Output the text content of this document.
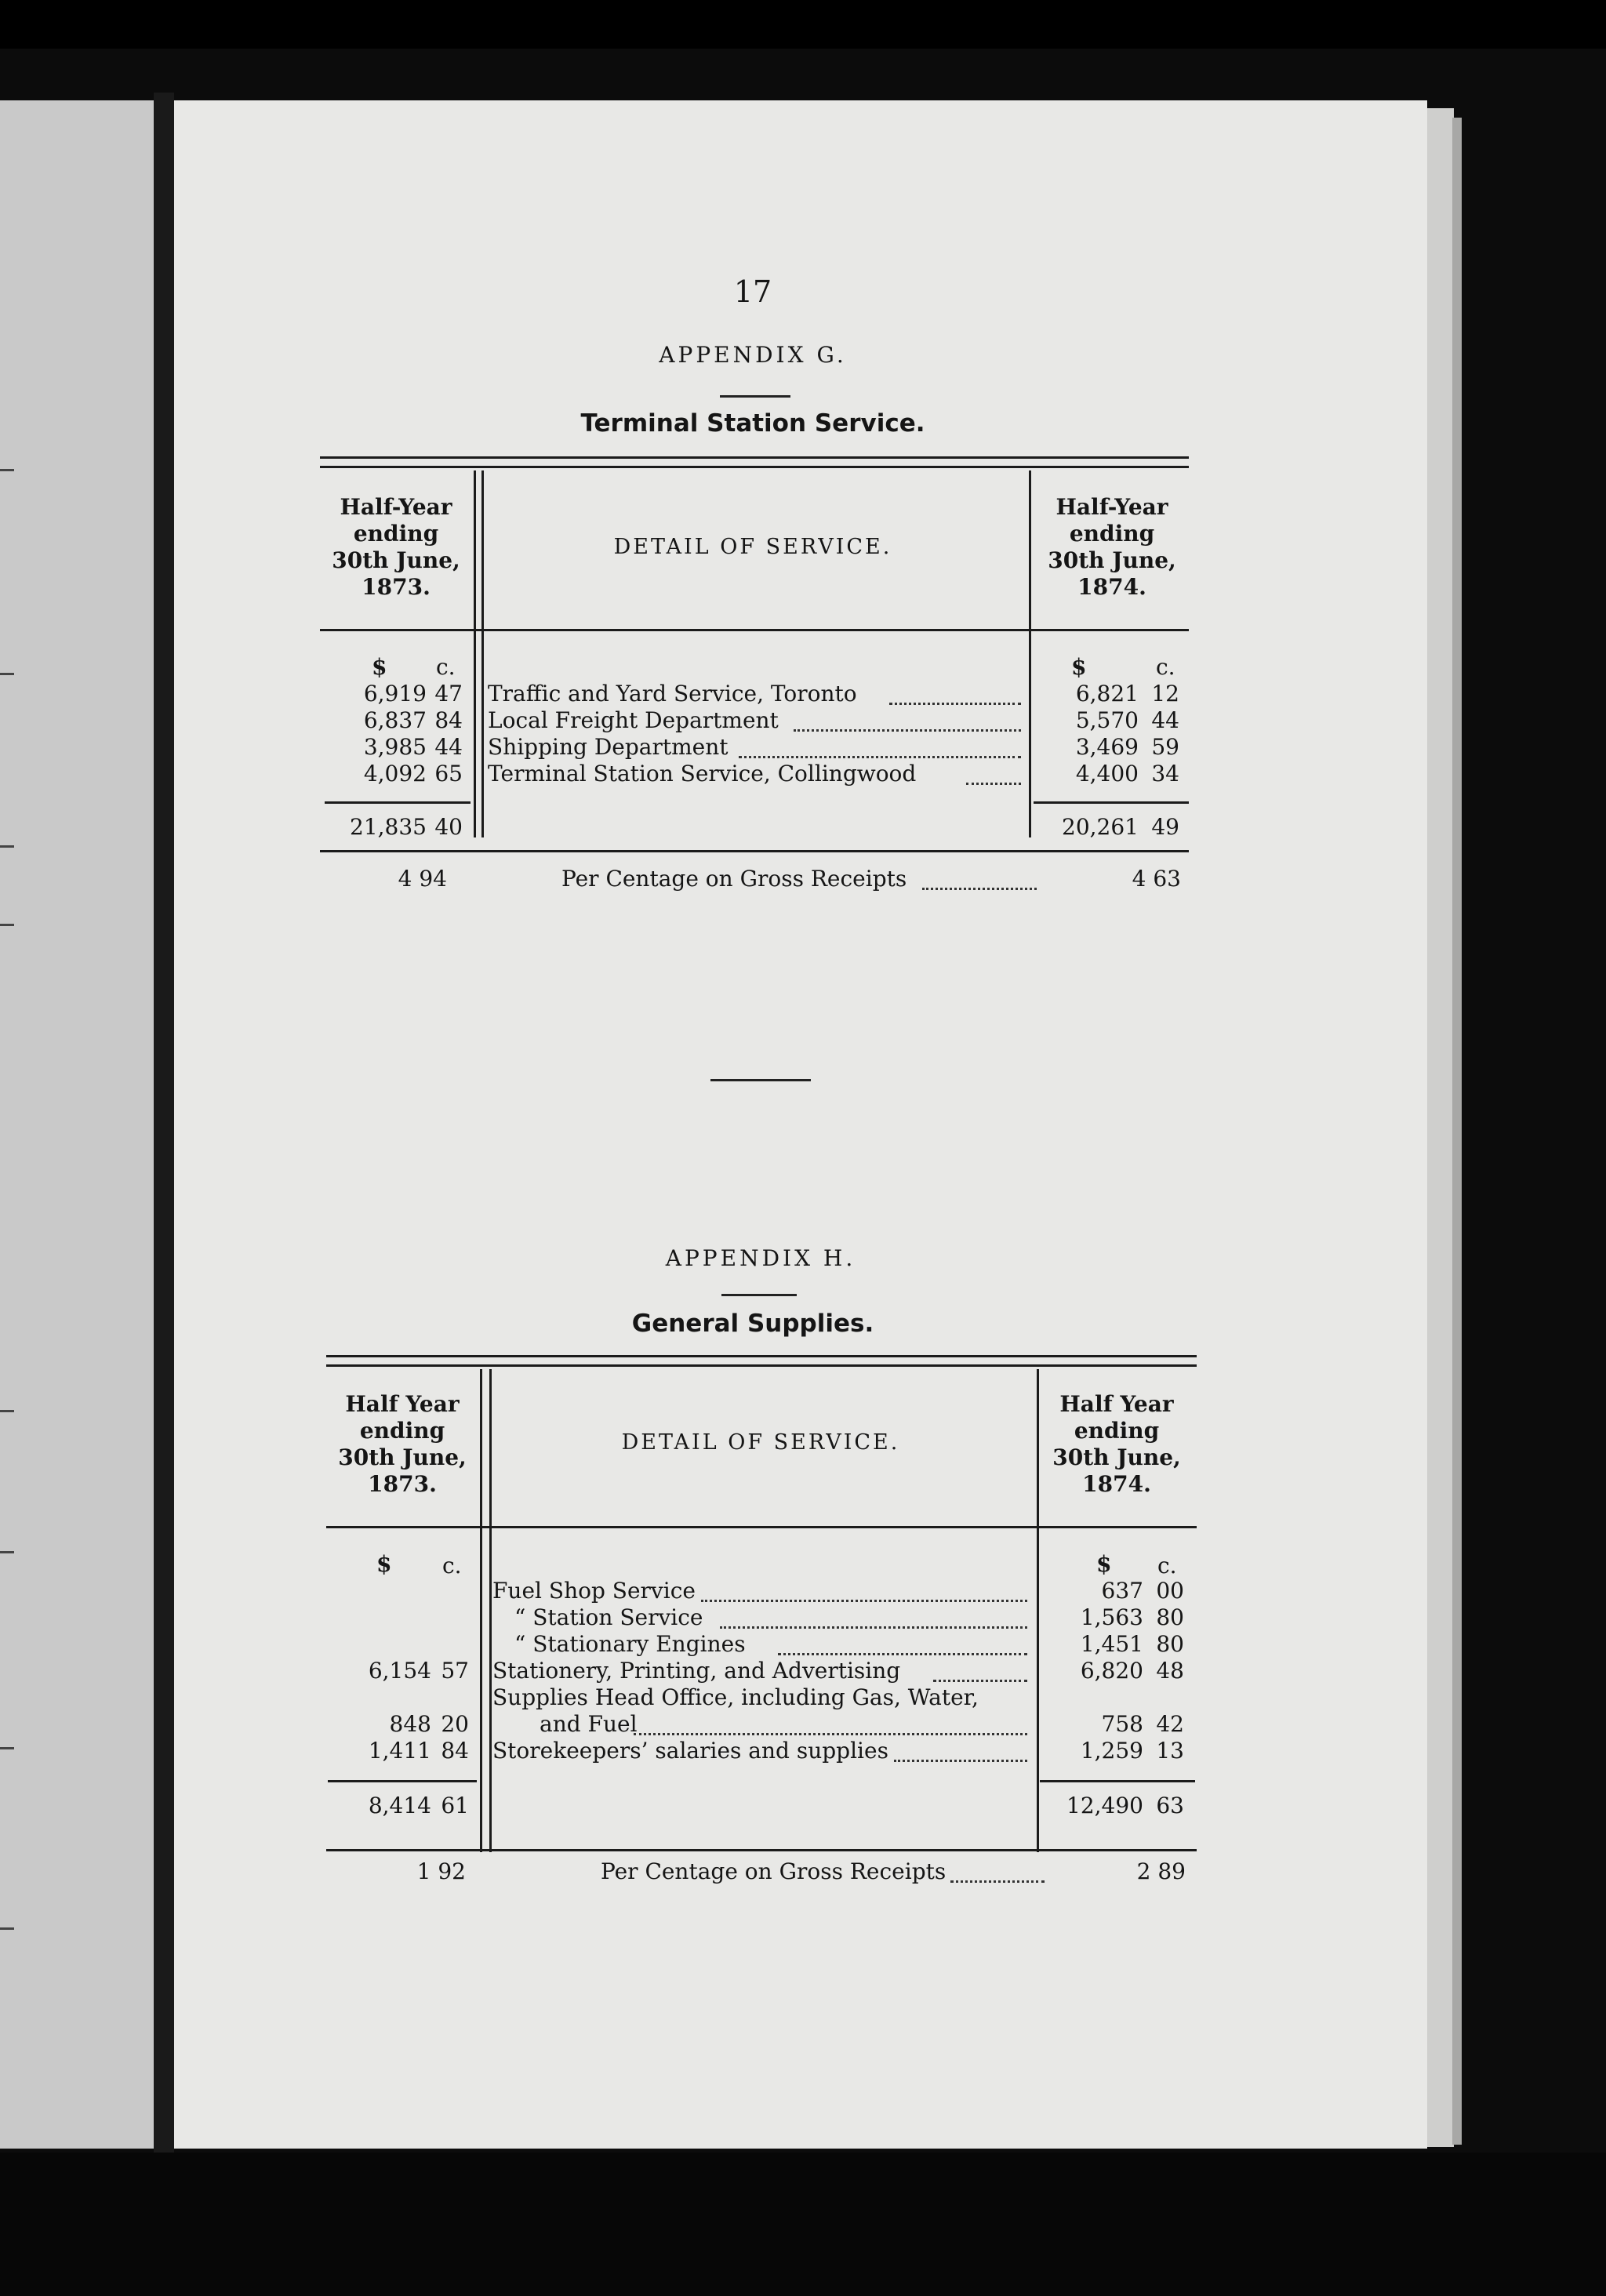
17
APPENDIX G.
Terminal Station Service.
Half-Year
ending
30th June,
1873.
DETAIL OF SERVICE.
Half-Year
ending
30th June,
1874.
$ c.	$	c.
6,919 47 Traffic and Yard Service, Toronto	6,821 12
6,837 84 Local Freight Department	5,570 44
3,985 44 Shipping Department	3,469 59
4,092 65 Terminal Station Service, Collingwood	4,400 34
21,835 40	20,261 49
4 94	Per Centage on Gross Receipts	4 63
APPENDIX H.
General Supplies.
Half Year
ending
30th June,
1873.
DETAIL OF SERVICE.
Half Year
ending
30th June,
1874.
$ c.	$ c.
Fuel Shop Service	637 00
“ Station Service	1,563 80
“ Stationary Engines	1,451 80
6,154 57 Stationery, Printing, and Advertising	6,820 48
Supplies Head Office, including Gas, Water,
848 20	and Fuel	758 42
1,411 84 Storekeepers’ salaries and supplies	1,259 13
8,414 61	12,490 63
1 92	Per Centage on Gross Receipts	2 89
